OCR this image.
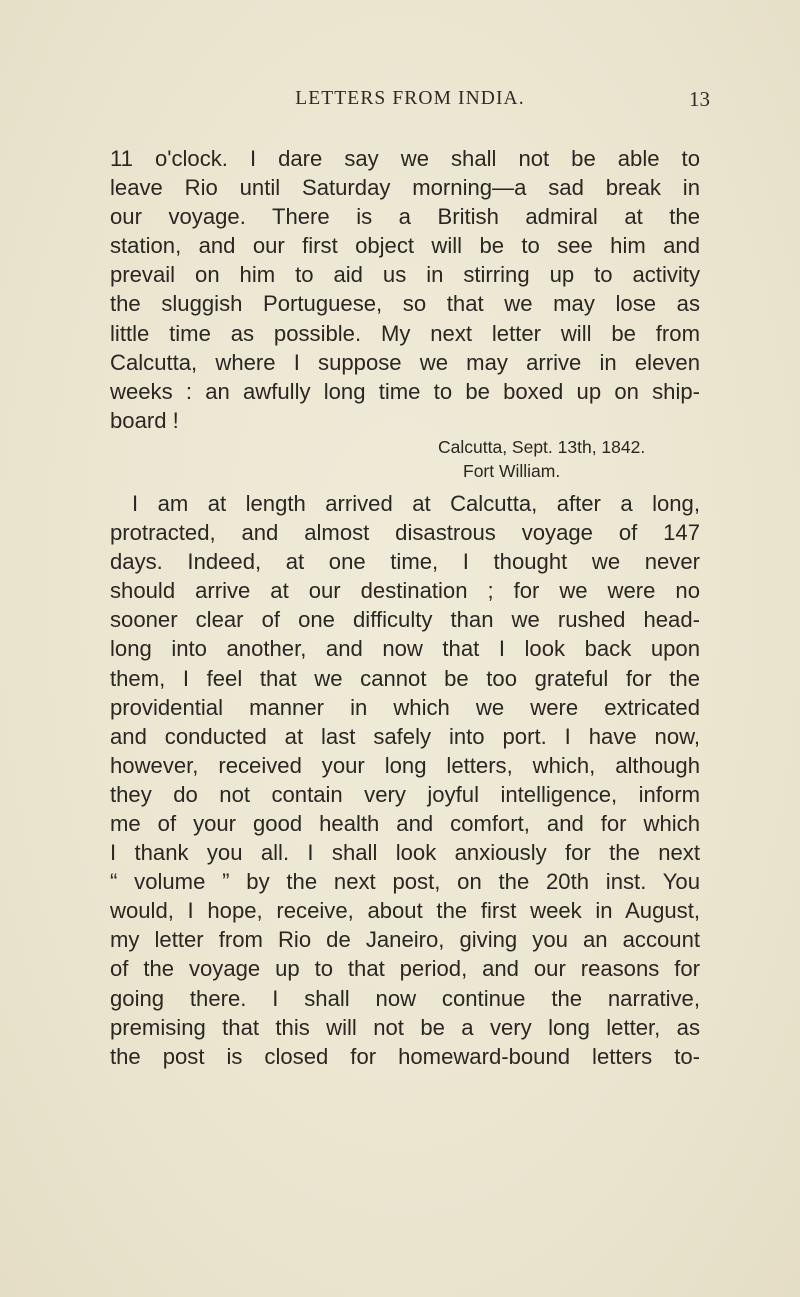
LETTERS FROM INDIA.	13
11 o'clock. I dare say we shall not be able to
leave Rio until Saturday morning—a sad break in
our voyage. There is a British admiral at the
station, and our first object will be to see him and
prevail on him to aid us in stirring up to activity
the sluggish Portuguese, so that we may lose as
little time as possible. My next letter will be from
Calcutta, where I suppose we may arrive in eleven
weeks : an awfully long time to be boxed up on ship-
board !
Calcutta, Sept. 13th, 1842.
Fort William.
I am at length arrived at Calcutta, after a long,
protracted, and almost disastrous voyage of 147
days. Indeed, at one time, I thought we never
should arrive at our destination ; for we were no
sooner clear of one difficulty than we rushed head-
long into another, and now that I look back upon
them, I feel that we cannot be too grateful for the
providential manner in which we were extricated
and conducted at last safely into port. I have now,
however, received your long letters, which, although
they do not contain very joyful intelligence, inform
me of your good health and comfort, and for which
I thank you all. I shall look anxiously for the next
“ volume ” by the next post, on the 20th inst. You
would, I hope, receive, about the first week in August,
my letter from Rio de Janeiro, giving you an account
of the voyage up to that period, and our reasons for
going there. I shall now continue the narrative,
premising that this will not be a very long letter, as
the post is closed for homeward-bound letters to-
